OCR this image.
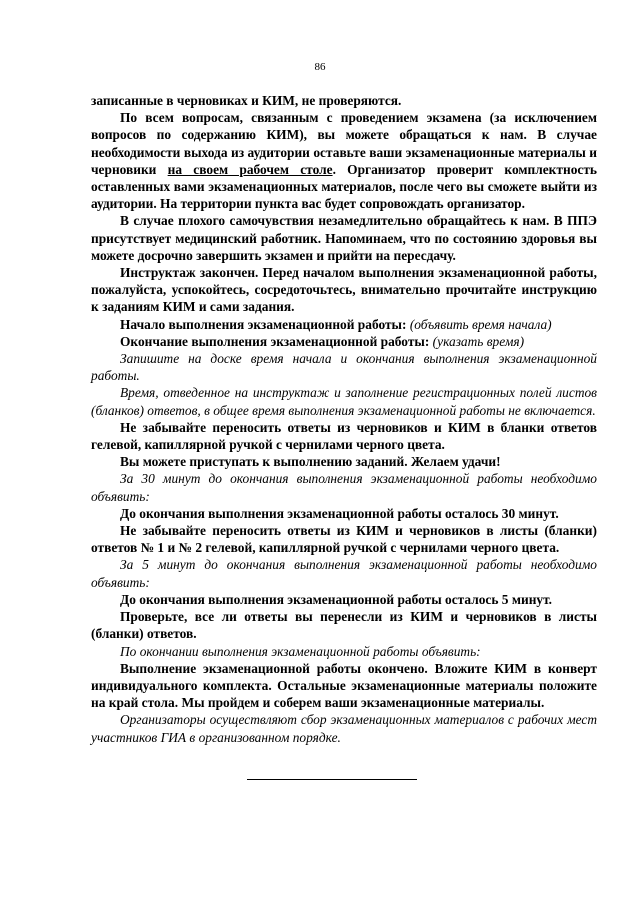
86

записанные в черновиках и КИМ, не проверяются.

По всем вопросам, связанным с проведением экзамена (за исключением вопросов по содержанию КИМ), вы можете обращаться к нам. В случае необходимости выхода из аудитории оставьте ваши экзаменационные материалы и черновики на своем рабочем столе. Организатор проверит комплектность оставленных вами экзаменационных материалов, после чего вы сможете выйти из аудитории. На территории пункта вас будет сопровождать организатор.

В случае плохого самочувствия незамедлительно обращайтесь к нам. В ППЭ присутствует медицинский работник. Напоминаем, что по состоянию здоровья вы можете досрочно завершить экзамен и прийти на пересдачу.

Инструктаж закончен. Перед началом выполнения экзаменационной работы, пожалуйста, успокойтесь, сосредоточьтесь, внимательно прочитайте инструкцию к заданиям КИМ и сами задания.

Начало выполнения экзаменационной работы: (объявить время начала)

Окончание выполнения экзаменационной работы: (указать время)

Запишите на доске время начала и окончания выполнения экзаменационной работы.

Время, отведенное на инструктаж и заполнение регистрационных полей листов (бланков) ответов, в общее время выполнения экзаменационной работы не включается.

Не забывайте переносить ответы из черновиков и КИМ в бланки ответов гелевой, капиллярной ручкой с чернилами черного цвета.

Вы можете приступать к выполнению заданий. Желаем удачи!

За 30 минут до окончания выполнения экзаменационной работы необходимо объявить:

До окончания выполнения экзаменационной работы осталось 30 минут.

Не забывайте переносить ответы из КИМ и черновиков в листы (бланки) ответов № 1 и № 2 гелевой, капиллярной ручкой с чернилами черного цвета.

За 5 минут до окончания выполнения экзаменационной работы необходимо объявить:

До окончания выполнения экзаменационной работы осталось 5 минут.

Проверьте, все ли ответы вы перенесли из КИМ и черновиков в листы (бланки) ответов.

По окончании выполнения экзаменационной работы объявить:

Выполнение экзаменационной работы окончено. Вложите КИМ в конверт индивидуального комплекта. Остальные экзаменационные материалы положите на край стола. Мы пройдем и соберем ваши экзаменационные материалы.

Организаторы осуществляют сбор экзаменационных материалов с рабочих мест участников ГИА в организованном порядке.
